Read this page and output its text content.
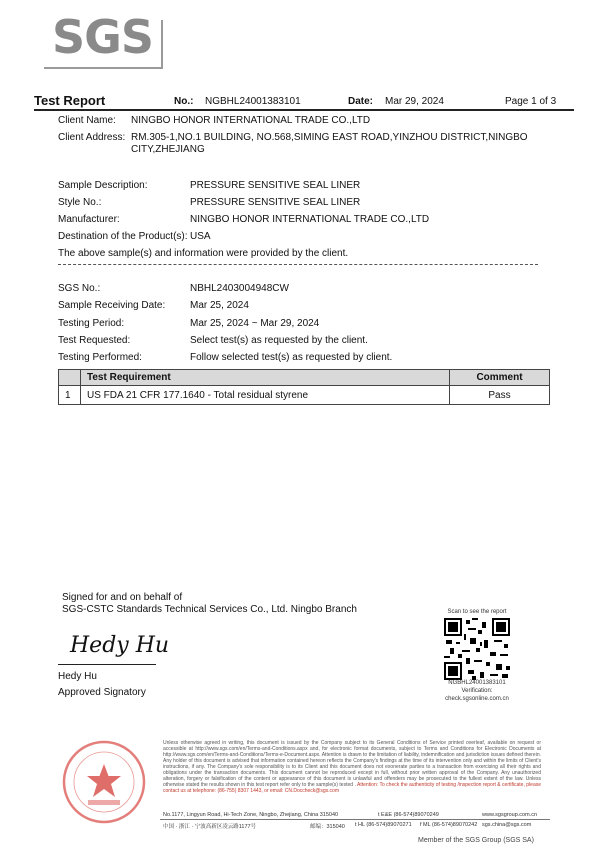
SGS
Test Report	No.: NGBHL24001383101	Date: Mar 29, 2024	Page 1 of 3
Client Name: NINGBO HONOR INTERNATIONAL TRADE CO.,LTD
Client Address: RM.305-1,NO.1 BUILDING, NO.568,SIMING EAST ROAD,YINZHOU DISTRICT,NINGBO
CITY,ZHEJIANG
Sample Description:	PRESSURE SENSITIVE SEAL LINER
Style No.:	PRESSURE SENSITIVE SEAL LINER
Manufacturer:	NINGBO HONOR INTERNATIONAL TRADE CO.,LTD
Destination of the Product(s): USA
The above sample(s) and information were provided by the client.
SGS No.:	NBHL2403004948CW
Sample Receiving Date: Mar 25, 2024
Testing Period:	Mar 25, 2024 ~ Mar 29, 2024
Test Requested:	Select test(s) as requested by the client.
Testing Performed:	Follow selected test(s) as requested by client.
	Test Requirement	Comment
1	US FDA 21 CFR 177.1640 - Total residual styrene	Pass
Signed for and on behalf of
SGS-CSTC Standards Technical Services Co., Ltd. Ningbo Branch
Hedy Hu
Hedy Hu
Approved Signatory
Scan to see the report
NGBHL24001383101
Verification:
check.sgsonline.com.cn
Unless otherwise agreed in writing, this document is issued by the Company subject to its General Conditions of Service printed overleaf, available on request or accessible at http://www.sgs.com/en/Terms-and-Conditions.aspx and, for electronic format documents, subject to Terms and Conditions for Electronic Documents at http://www.sgs.com/en/Terms-and-Conditions/Terms-e-Document.aspx. Attention is drawn to the limitation of liability, indemnification and jurisdiction issues defined therein. Any holder of this document is advised that information contained hereon reflects the Company's findings at the time of its intervention only and within the limits of Client's instructions, if any. The Company's sole responsibility is to its Client and this document does not exonerate parties to a transaction from exercising all their rights and obligations under the transaction documents. This document cannot be reproduced except in full, without prior written approval of the Company. Any unauthorized alteration, forgery or falsification of the content or appearance of this document is unlawful and offenders may be prosecuted to the fullest extent of the law. Unless otherwise stated the results shown in this test report refer only to the sample(s) tested . Attention: To check the authenticity of testing /inspection report & certificate, please contact us at telephone: (86-755) 8307 1443, or email: CN.Doccheck@sgs.com
No.1177, Lingyun Road, Hi-Tech Zone, Ningbo, Zhejiang, China 315040	t E&E (86-574)89070249	www.sgsgroup.com.cn
中国 · 浙江 · 宁波高新区凌云路1177号	邮编：315040 t HL (86-574)89070271 f ML (86-574)89070242 sgs.china@sgs.com
Member of the SGS Group (SGS SA)
